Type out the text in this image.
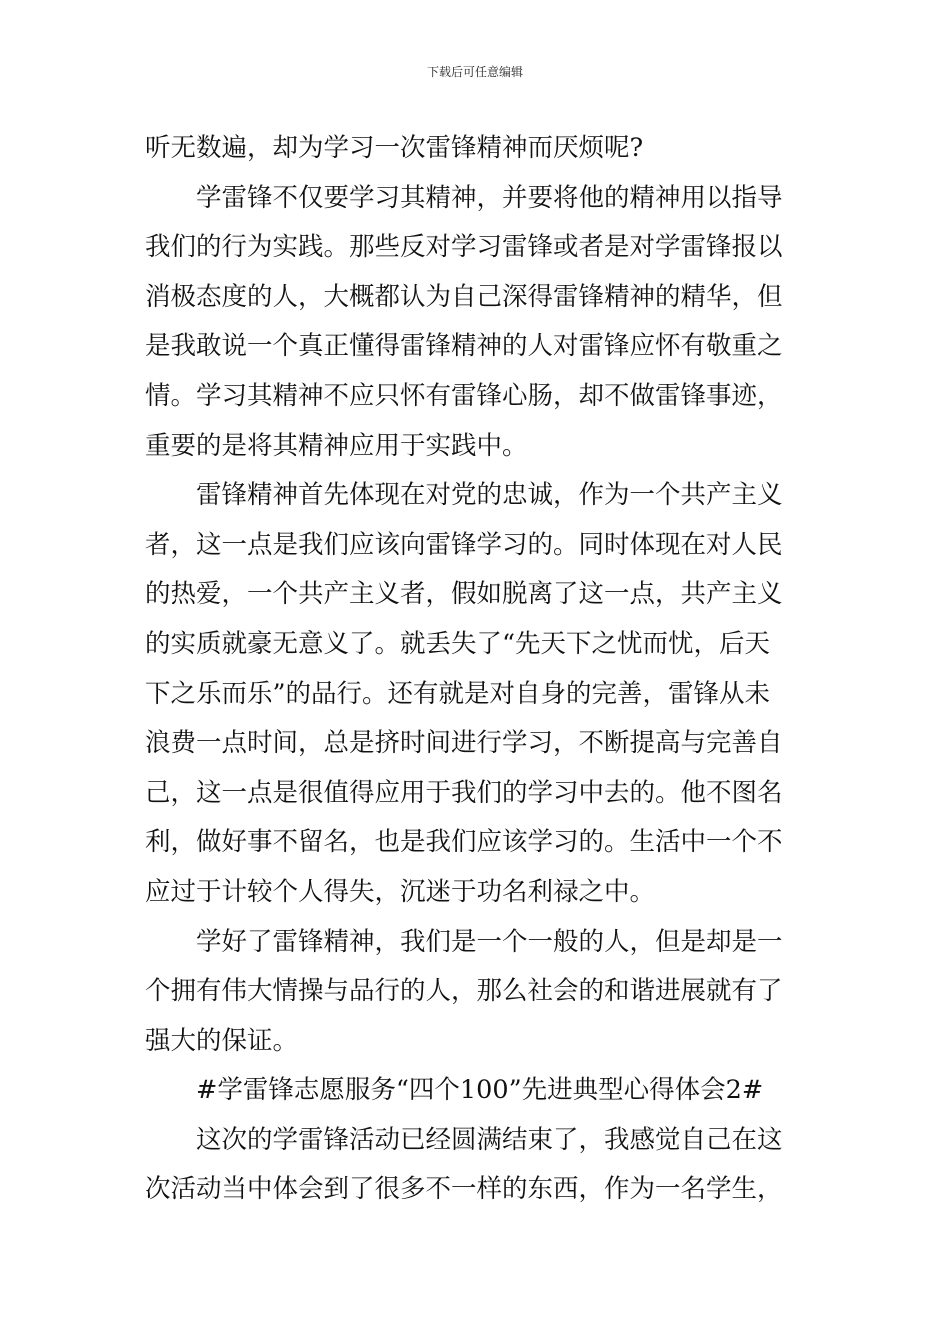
下载后可任意编辑
听无数遍，却为学习一次雷锋精神而厌烦呢?
学雷锋不仅要学习其精神，并要将他的精神用以指导
我们的行为实践。那些反对学习雷锋或者是对学雷锋报以
消极态度的人，大概都认为自己深得雷锋精神的精华，但
是我敢说一个真正懂得雷锋精神的人对雷锋应怀有敬重之
情。学习其精神不应只怀有雷锋心肠，却不做雷锋事迹，
重要的是将其精神应用于实践中。
雷锋精神首先体现在对党的忠诚，作为一个共产主义
者，这一点是我们应该向雷锋学习的。同时体现在对人民
的热爱，一个共产主义者，假如脱离了这一点，共产主义
的实质就豪无意义了。就丢失了“先天下之忧而忧，后天
下之乐而乐”的品行。还有就是对自身的完善，雷锋从未
浪费一点时间，总是挤时间进行学习，不断提高与完善自
己，这一点是很值得应用于我们的学习中去的。他不图名
利，做好事不留名，也是我们应该学习的。生活中一个不
应过于计较个人得失，沉迷于功名利禄之中。
学好了雷锋精神，我们是一个一般的人，但是却是一
个拥有伟大情操与品行的人，那么社会的和谐进展就有了
强大的保证。
#学雷锋志愿服务“四个100”先进典型心得体会2#
这次的学雷锋活动已经圆满结束了，我感觉自己在这
次活动当中体会到了很多不一样的东西，作为一名学生，
